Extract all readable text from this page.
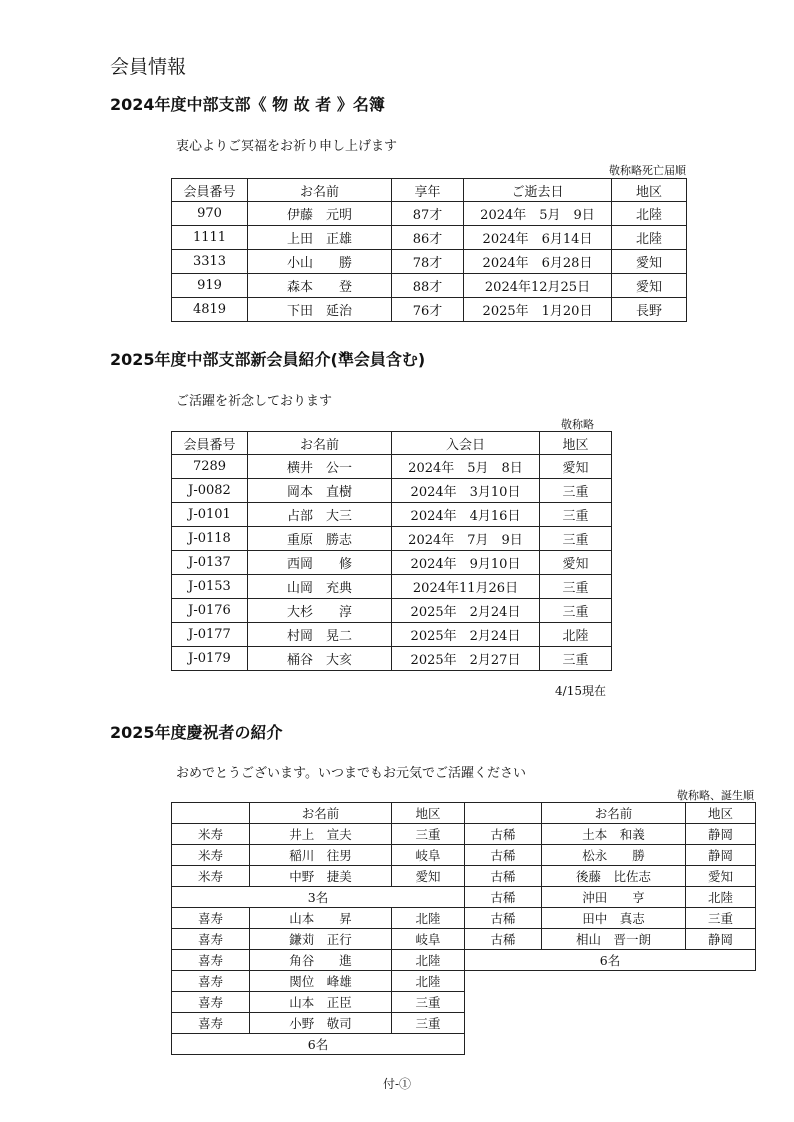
会員情報
2024年度中部支部《 物 故 者 》名簿
衷心よりご冥福をお祈り申し上げます
敬称略死亡届順
会員番号	お名前	享年	ご逝去日	地区
970	伊藤　元明	87才	2024年　5月　9日	北陸
1111	上田　正雄	86才	2024年　6月14日	北陸
3313	小山　　勝	78才	2024年　6月28日	愛知
919	森本　　登	88才	2024年12月25日	愛知
4819	下田　延治	76才	2025年　1月20日	長野
2025年度中部支部新会員紹介(準会員含む)
ご活躍を祈念しております
敬称略
会員番号	お名前	入会日	地区
7289	横井　公一	2024年　5月　8日	愛知
J-0082	岡本　直樹	2024年　3月10日	三重
J-0101	占部　大三	2024年　4月16日	三重
J-0118	重原　勝志	2024年　7月　9日	三重
J-0137	西岡　　修	2024年　9月10日	愛知
J-0153	山岡　充典	2024年11月26日	三重
J-0176	大杉　　淳	2025年　2月24日	三重
J-0177	村岡　晃二	2025年　2月24日	北陸
J-0179	桶谷　大亥	2025年　2月27日	三重
4/15現在
2025年度慶祝者の紹介
おめでとうございます。いつまでもお元気でご活躍ください
敬称略、誕生順
	お名前	地区
米寿	井上　宣夫	三重
米寿	稲川　往男	岐阜
米寿	中野　捷美	愛知
3名		
喜寿	山本　　昇	北陸
喜寿	鎌苅　正行	岐阜
喜寿	角谷　　進	北陸
喜寿	関位　峰雄	北陸
喜寿	山本　正臣	三重
喜寿	小野　敬司	三重
6名		
	お名前	地区
古稀	土本　和義	静岡
古稀	松永　　勝	静岡
古稀	後藤　比佐志	愛知
古稀	沖田　　亨	北陸
古稀	田中　真志	三重
古稀	相山　晋一朗	静岡
6名		
付-①
